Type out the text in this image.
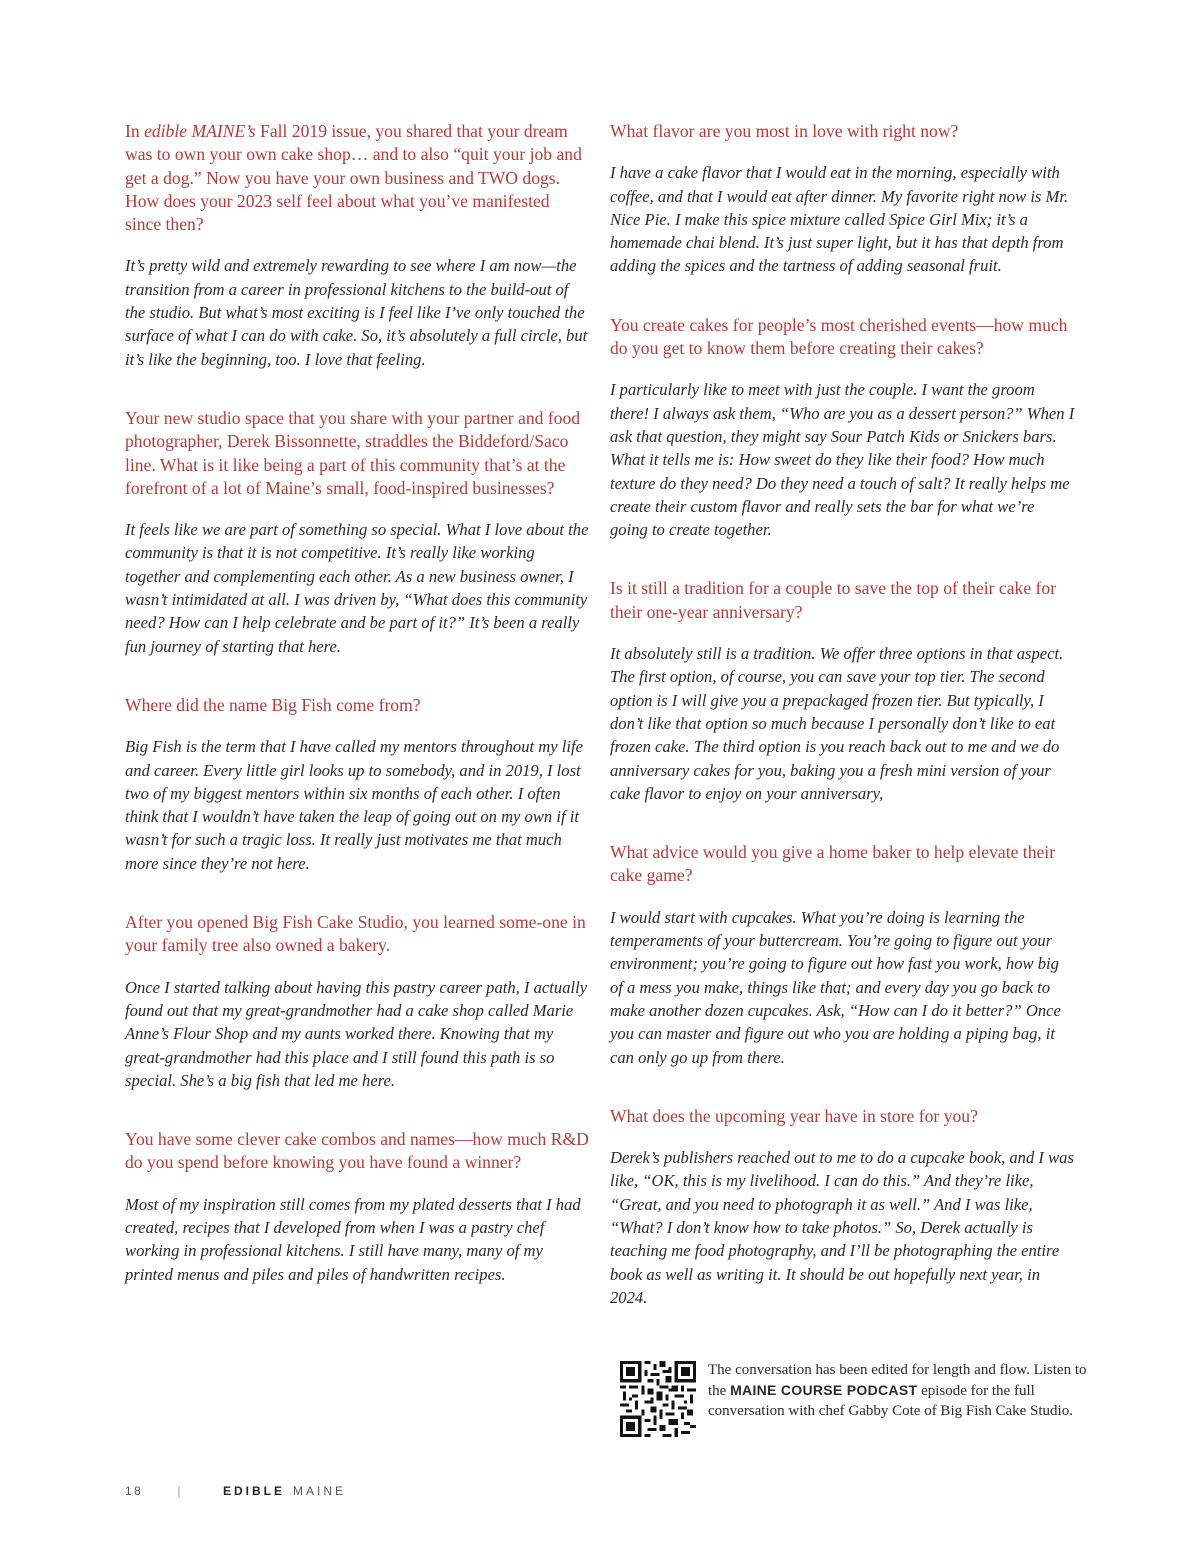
In edible MAINE’s Fall 2019 issue, you shared that your dream was to own your own cake shop… and to also “quit your job and get a dog.” Now you have your own business and TWO dogs. How does your 2023 self feel about what you’ve manifested since then?

It’s pretty wild and extremely rewarding to see where I am now—the transition from a career in professional kitchens to the build-out of the studio. But what’s most exciting is I feel like I’ve only touched the surface of what I can do with cake. So, it’s absolutely a full circle, but it’s like the beginning, too. I love that feeling.

Your new studio space that you share with your partner and food photographer, Derek Bissonnette, straddles the Biddeford/Saco line. What is it like being a part of this community that’s at the forefront of a lot of Maine’s small, food-inspired businesses?

It feels like we are part of something so special. What I love about the community is that it is not competitive. It’s really like working together and complementing each other. As a new business owner, I wasn’t intimidated at all. I was driven by, “What does this community need? How can I help celebrate and be part of it?” It’s been a really fun journey of starting that here.

Where did the name Big Fish come from?

Big Fish is the term that I have called my mentors throughout my life and career. Every little girl looks up to somebody, and in 2019, I lost two of my biggest mentors within six months of each other. I often think that I wouldn’t have taken the leap of going out on my own if it wasn’t for such a tragic loss. It really just motivates me that much more since they’re not here.

After you opened Big Fish Cake Studio, you learned some-one in your family tree also owned a bakery.

Once I started talking about having this pastry career path, I actually found out that my great-grandmother had a cake shop called Marie Anne’s Flour Shop and my aunts worked there. Knowing that my great-grandmother had this place and I still found this path is so special. She’s a big fish that led me here.

You have some clever cake combos and names—how much R&D do you spend before knowing you have found a winner?

Most of my inspiration still comes from my plated desserts that I had created, recipes that I developed from when I was a pastry chef working in professional kitchens. I still have many, many of my printed menus and piles and piles of handwritten recipes.

What flavor are you most in love with right now?

I have a cake flavor that I would eat in the morning, especially with coffee, and that I would eat after dinner. My favorite right now is Mr. Nice Pie. I make this spice mixture called Spice Girl Mix; it’s a homemade chai blend. It’s just super light, but it has that depth from adding the spices and the tartness of adding seasonal fruit.

You create cakes for people’s most cherished events—how much do you get to know them before creating their cakes?

I particularly like to meet with just the couple. I want the groom there! I always ask them, “Who are you as a dessert person?” When I ask that question, they might say Sour Patch Kids or Snickers bars. What it tells me is: How sweet do they like their food? How much texture do they need? Do they need a touch of salt? It really helps me create their custom flavor and really sets the bar for what we’re going to create together.

Is it still a tradition for a couple to save the top of their cake for their one-year anniversary?

It absolutely still is a tradition. We offer three options in that aspect. The first option, of course, you can save your top tier. The second option is I will give you a prepackaged frozen tier. But typically, I don’t like that option so much because I personally don’t like to eat frozen cake. The third option is you reach back out to me and we do anniversary cakes for you, baking you a fresh mini version of your cake flavor to enjoy on your anniversary,

What advice would you give a home baker to help elevate their cake game?

I would start with cupcakes. What you’re doing is learning the temperaments of your buttercream. You’re going to figure out your environment; you’re going to figure out how fast you work, how big of a mess you make, things like that; and every day you go back to make another dozen cupcakes. Ask, “How can I do it better?” Once you can master and figure out who you are holding a piping bag, it can only go up from there.

What does the upcoming year have in store for you?

Derek’s publishers reached out to me to do a cupcake book, and I was like, “OK, this is my livelihood. I can do this.” And they’re like, “Great, and you need to photograph it as well.” And I was like, “What? I don’t know how to take photos.” So, Derek actually is teaching me food photography, and I’ll be photographing the entire book as well as writing it. It should be out hopefully next year, in 2024.

The conversation has been edited for length and flow. Listen to the MAINE COURSE PODCAST episode for the full conversation with chef Gabby Cote of Big Fish Cake Studio.
18	|	EDIBLE MAINE
